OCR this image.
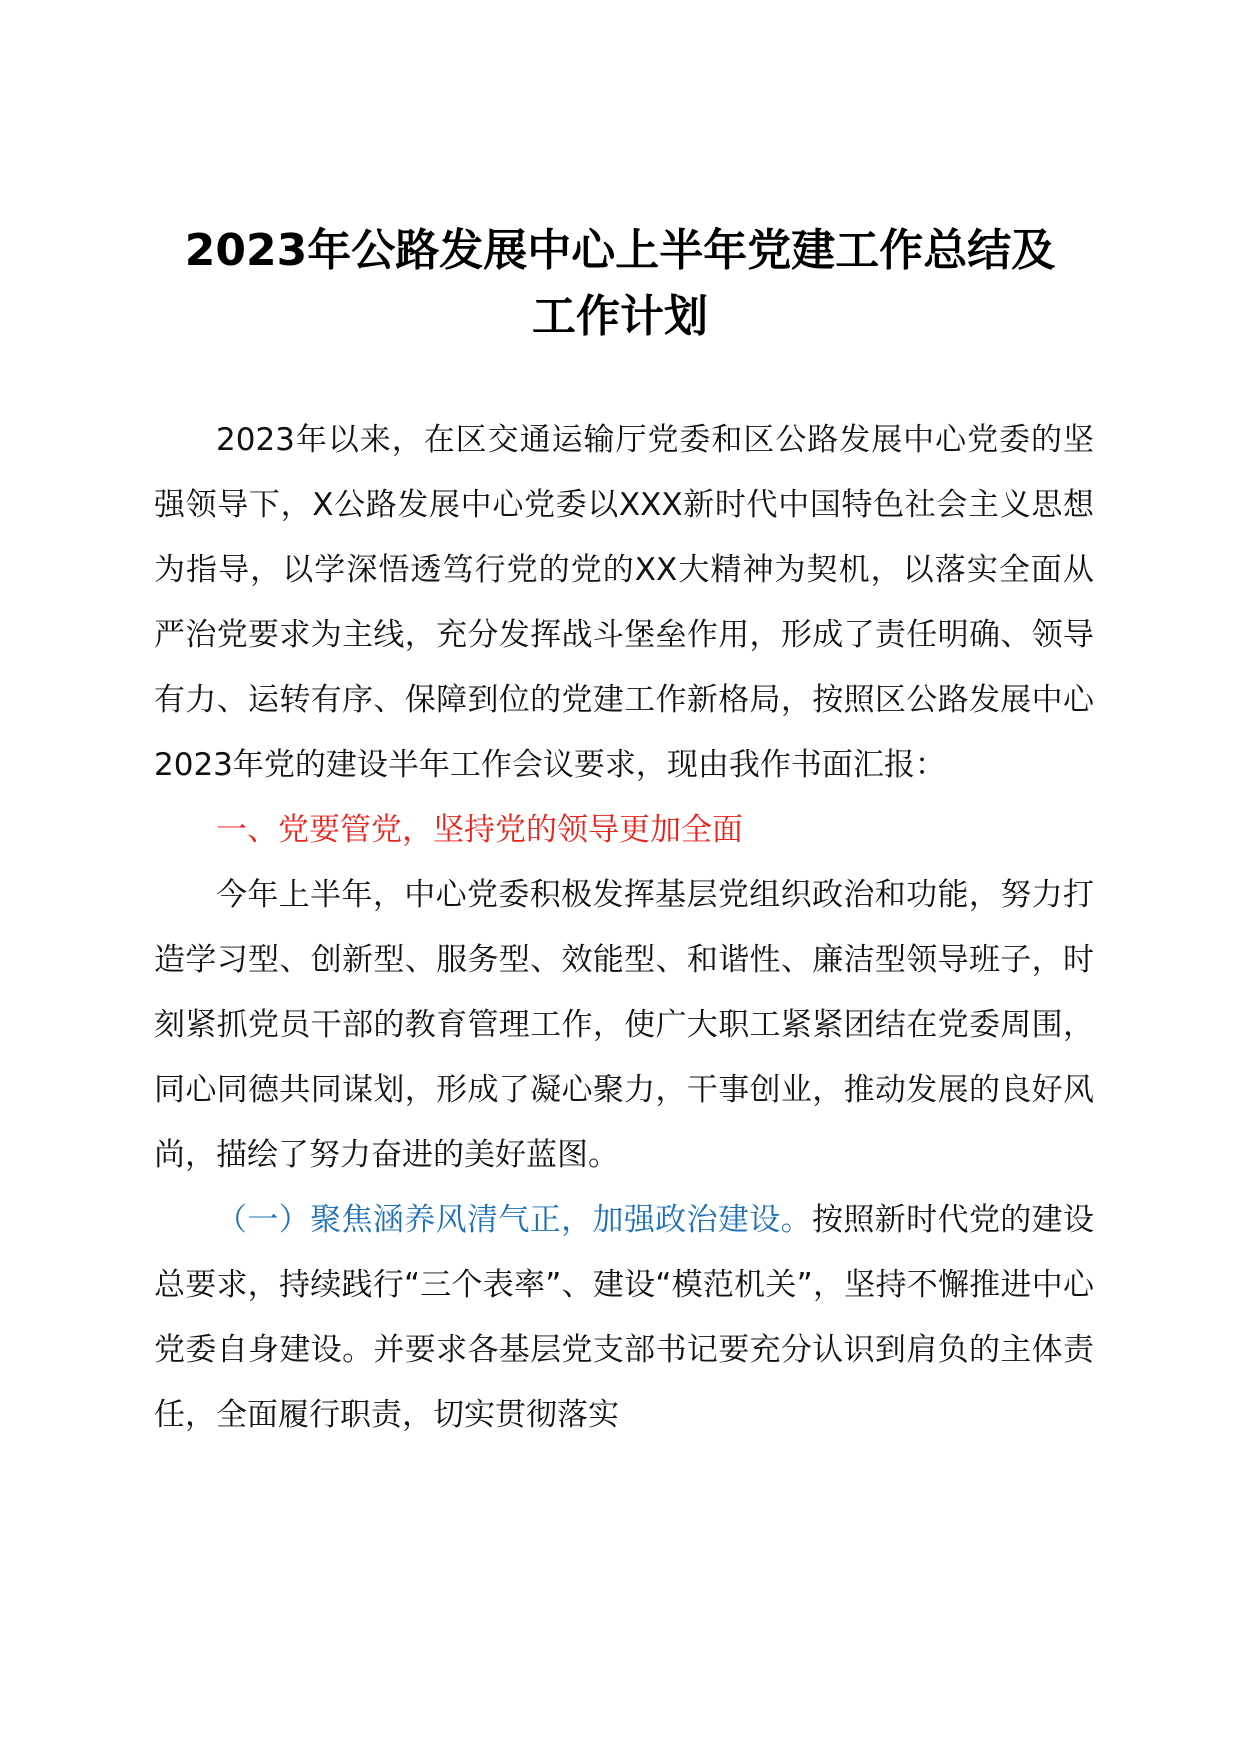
2023年公路发展中心上半年党建工作总结及
工作计划

2023年以来，在区交通运输厅党委和区公路发展中心党委的坚强领导下，X公路发展中心党委以XXX新时代中国特色社会主义思想为指导，以学深悟透笃行党的党的XX大精神为契机，以落实全面从严治党要求为主线，充分发挥战斗堡垒作用，形成了责任明确、领导有力、运转有序、保障到位的党建工作新格局，按照区公路发展中心2023年党的建设半年工作会议要求，现由我作书面汇报：

一、党要管党，坚持党的领导更加全面

今年上半年，中心党委积极发挥基层党组织政治和功能，努力打造学习型、创新型、服务型、效能型、和谐性、廉洁型领导班子，时刻紧抓党员干部的教育管理工作，使广大职工紧紧团结在党委周围，同心同德共同谋划，形成了凝心聚力，干事创业，推动发展的良好风尚，描绘了努力奋进的美好蓝图。

（一）聚焦涵养风清气正，加强政治建设。按照新时代党的建设总要求，持续践行“三个表率”、建设“模范机关”，坚持不懈推进中心党委自身建设。并要求各基层党支部书记要充分认识到肩负的主体责任，全面履行职责，切实贯彻落实
